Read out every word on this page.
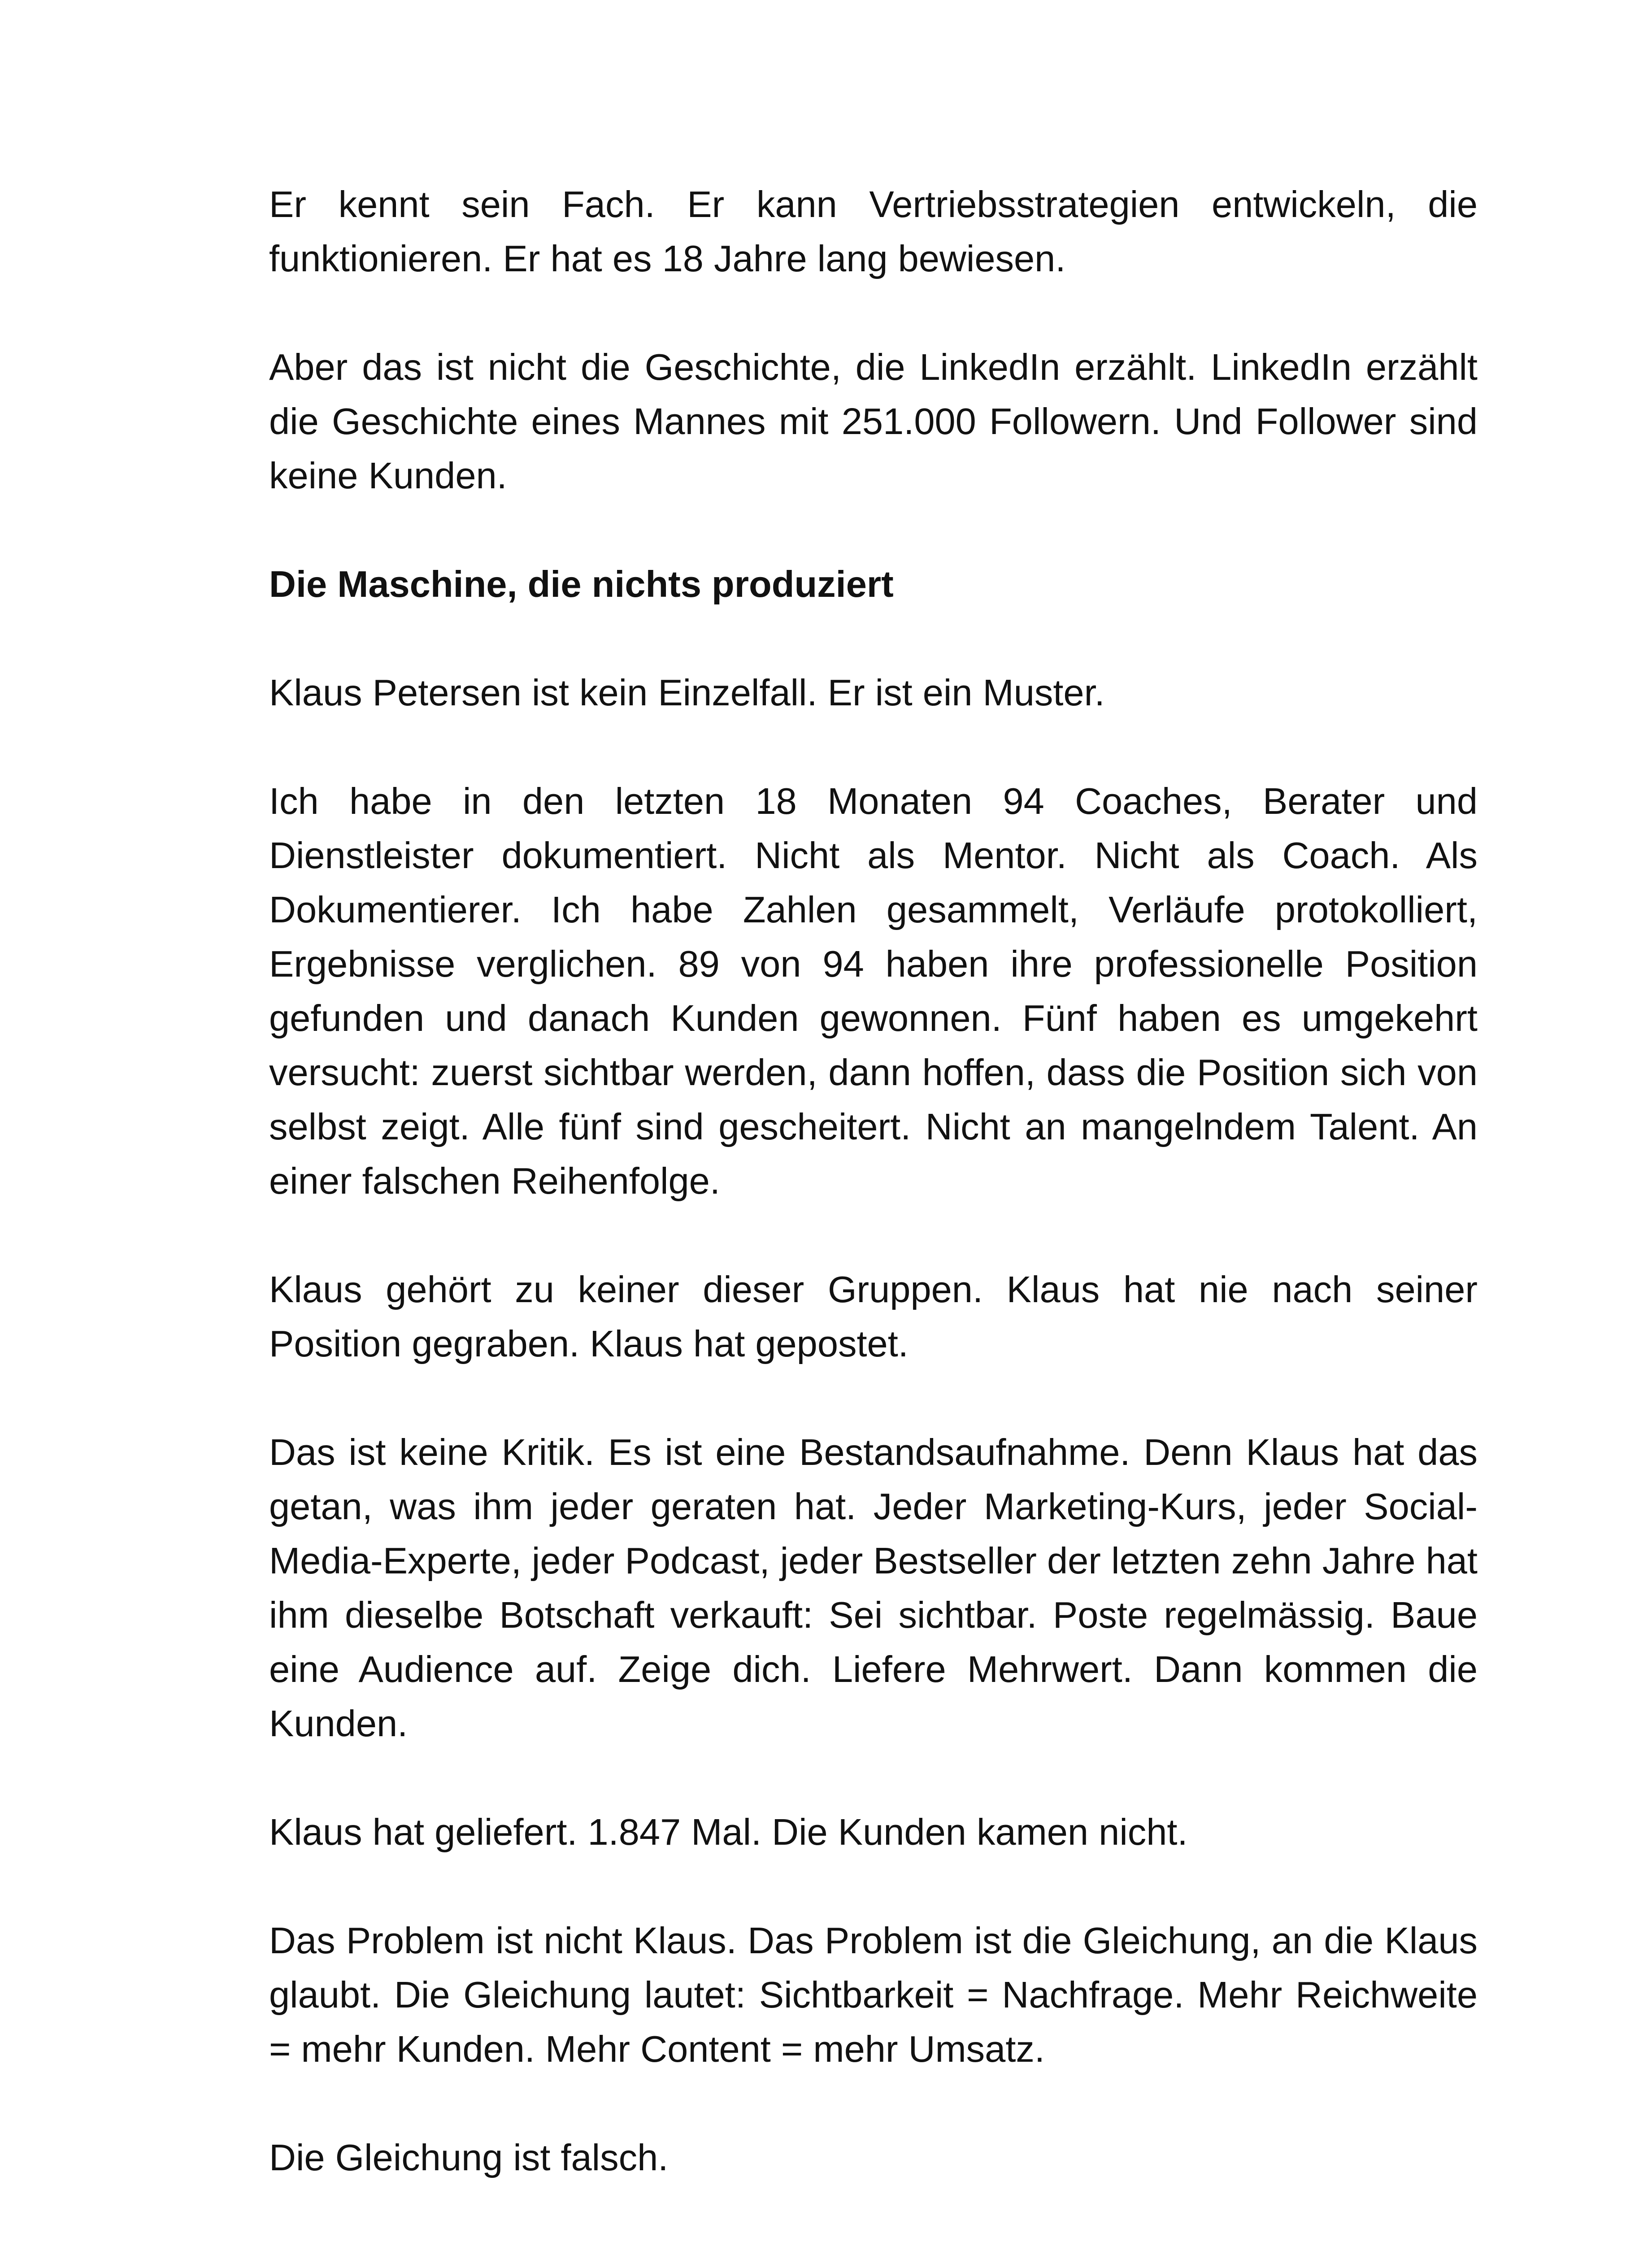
Er kennt sein Fach. Er kann Vertriebsstrategien entwickeln, die funktionieren. Er hat es 18 Jahre lang bewiesen.

Aber das ist nicht die Geschichte, die LinkedIn erzählt. LinkedIn erzählt die Geschichte eines Mannes mit 251.000 Followern. Und Follower sind keine Kunden.

Die Maschine, die nichts produziert

Klaus Petersen ist kein Einzelfall. Er ist ein Muster.

Ich habe in den letzten 18 Monaten 94 Coaches, Berater und Dienstleister dokumentiert. Nicht als Mentor. Nicht als Coach. Als Dokumentierer. Ich habe Zahlen gesammelt, Verläufe protokolliert, Ergebnisse verglichen. 89 von 94 haben ihre professionelle Position gefunden und danach Kunden gewonnen. Fünf haben es umgekehrt versucht: zuerst sichtbar werden, dann hoffen, dass die Position sich von selbst zeigt. Alle fünf sind gescheitert. Nicht an mangelndem Talent. An einer falschen Reihenfolge.

Klaus gehört zu keiner dieser Gruppen. Klaus hat nie nach seiner Position gegraben. Klaus hat gepostet.

Das ist keine Kritik. Es ist eine Bestandsaufnahme. Denn Klaus hat das getan, was ihm jeder geraten hat. Jeder Marketing-Kurs, jeder Social-Media-Experte, jeder Podcast, jeder Bestseller der letzten zehn Jahre hat ihm dieselbe Botschaft verkauft: Sei sichtbar. Poste regelmässig. Baue eine Audience auf. Zeige dich. Liefere Mehrwert. Dann kommen die Kunden.

Klaus hat geliefert. 1.847 Mal. Die Kunden kamen nicht.

Das Problem ist nicht Klaus. Das Problem ist die Gleichung, an die Klaus glaubt. Die Gleichung lautet: Sichtbarkeit = Nachfrage. Mehr Reichweite = mehr Kunden. Mehr Content = mehr Umsatz.

Die Gleichung ist falsch.
